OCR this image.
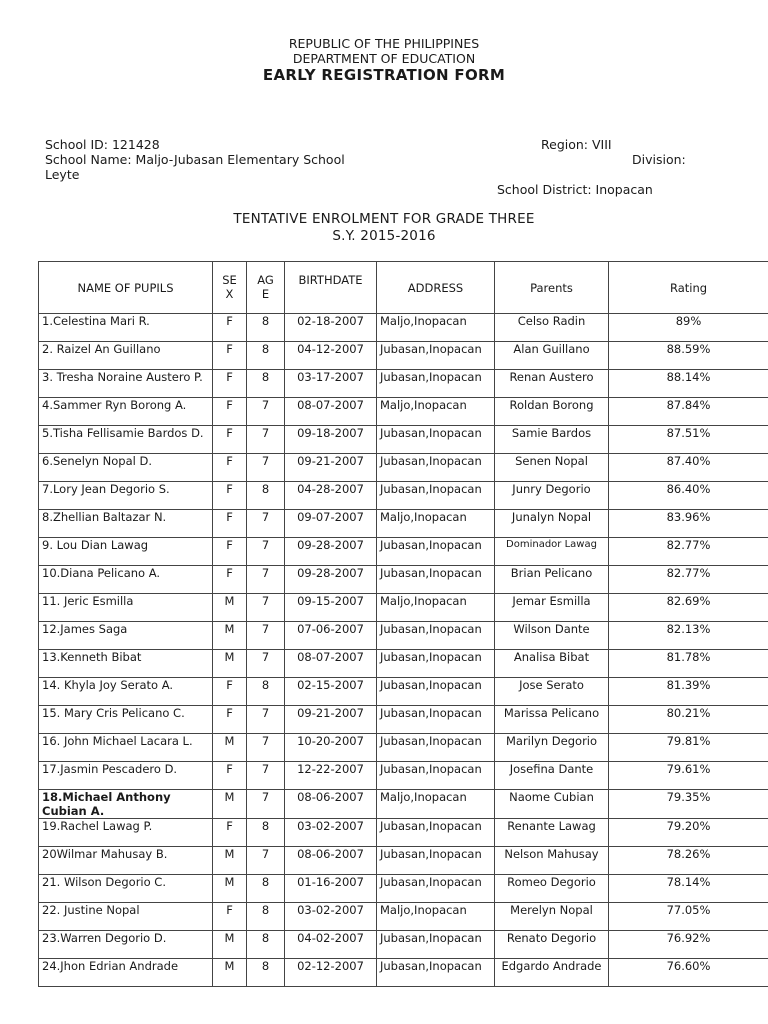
REPUBLIC OF THE PHILIPPINES
DEPARTMENT OF EDUCATION
EARLY REGISTRATION FORM
School ID: 121428	Region: VIII
School Name: Maljo-Jubasan Elementary School	Division:
Leyte
School District: Inopacan
TENTATIVE ENROLMENT FOR GRADE THREE
S.Y. 2015-2016
NAME OF PUPILS	SEX	AGE	BIRTHDATE	ADDRESS	Parents	Rating
1.Celestina Mari R.	F	8	02-18-2007	Maljo,Inopacan	Celso Radin	89%
2. Raizel An Guillano	F	8	04-12-2007	Jubasan,Inopacan	Alan Guillano	88.59%
3. Tresha Noraine Austero P.	F	8	03-17-2007	Jubasan,Inopacan	Renan Austero	88.14%
4.Sammer Ryn Borong A.	F	7	08-07-2007	Maljo,Inopacan	Roldan Borong	87.84%
5.Tisha Fellisamie Bardos D.	F	7	09-18-2007	Jubasan,Inopacan	Samie Bardos	87.51%
6.Senelyn Nopal D.	F	7	09-21-2007	Jubasan,Inopacan	Senen Nopal	87.40%
7.Lory Jean Degorio S.	F	8	04-28-2007	Jubasan,Inopacan	Junry Degorio	86.40%
8.Zhellian Baltazar N.	F	7	09-07-2007	Maljo,Inopacan	Junalyn Nopal	83.96%
9. Lou Dian Lawag	F	7	09-28-2007	Jubasan,Inopacan	Dominador Lawag	82.77%
10.Diana Pelicano A.	F	7	09-28-2007	Jubasan,Inopacan	Brian Pelicano	82.77%
11. Jeric Esmilla	M	7	09-15-2007	Maljo,Inopacan	Jemar Esmilla	82.69%
12.James Saga	M	7	07-06-2007	Jubasan,Inopacan	Wilson Dante	82.13%
13.Kenneth Bibat	M	7	08-07-2007	Jubasan,Inopacan	Analisa Bibat	81.78%
14. Khyla Joy Serato A.	F	8	02-15-2007	Jubasan,Inopacan	Jose Serato	81.39%
15. Mary Cris Pelicano C.	F	7	09-21-2007	Jubasan,Inopacan	Marissa Pelicano	80.21%
16. John Michael Lacara L.	M	7	10-20-2007	Jubasan,Inopacan	Marilyn Degorio	79.81%
17.Jasmin Pescadero D.	F	7	12-22-2007	Jubasan,Inopacan	Josefina Dante	79.61%
18.Michael Anthony Cubian A.	M	7	08-06-2007	Maljo,Inopacan	Naome Cubian	79.35%
19.Rachel Lawag P.	F	8	03-02-2007	Jubasan,Inopacan	Renante Lawag	79.20%
20Wilmar Mahusay B.	M	7	08-06-2007	Jubasan,Inopacan	Nelson Mahusay	78.26%
21. Wilson Degorio C.	M	8	01-16-2007	Jubasan,Inopacan	Romeo Degorio	78.14%
22. Justine Nopal	F	8	03-02-2007	Maljo,Inopacan	Merelyn Nopal	77.05%
23.Warren Degorio D.	M	8	04-02-2007	Jubasan,Inopacan	Renato Degorio	76.92%
24.Jhon Edrian Andrade	M	8	02-12-2007	Jubasan,Inopacan	Edgardo Andrade	76.60%
